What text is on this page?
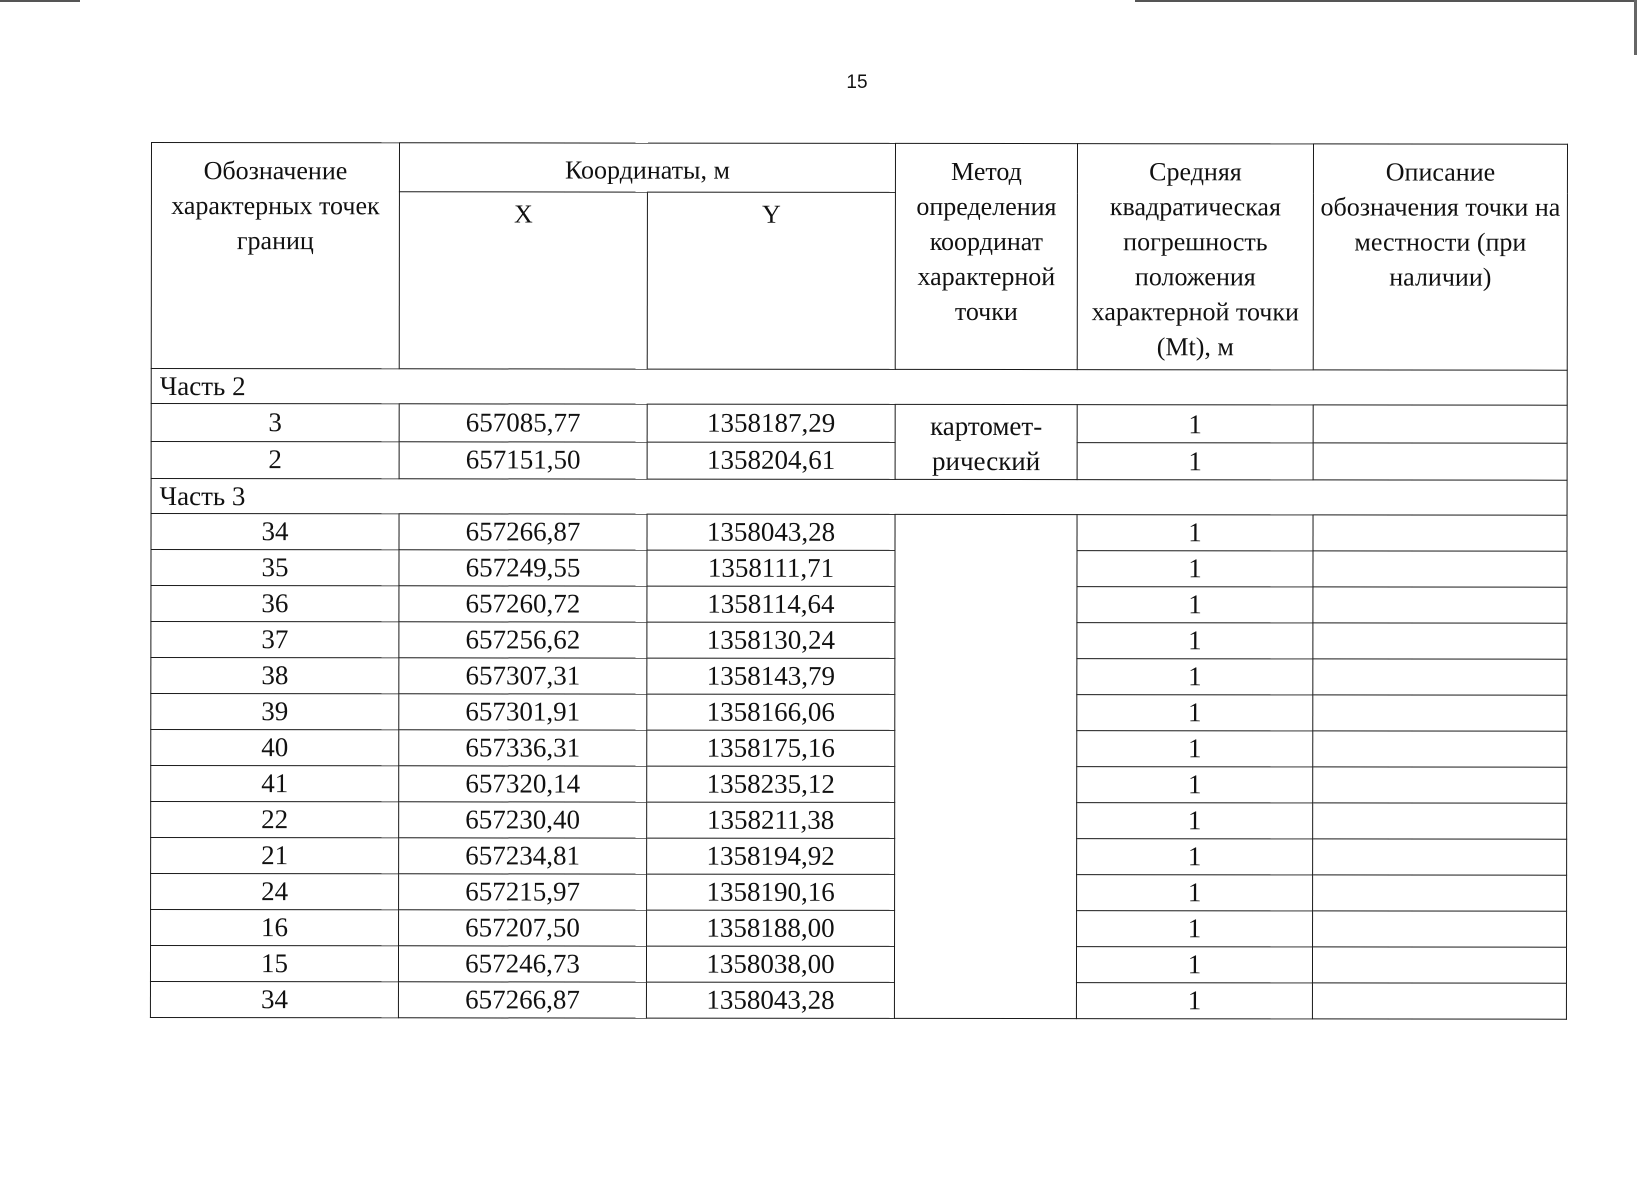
15
Обозначение характерных точек границ	Координаты, м		Метод определения координат характерной точки	Средняя квадратическая погрешность положения характерной точки (Mt), м	Описание обозначения точки на местности (при наличии)
	X	Y			
Часть 2					
3	657085,77	1358187,29	картомет-рический	1	
2	657151,50	1358204,61		1	
Часть 3					
34	657266,87	1358043,28		1	
35	657249,55	1358111,71		1	
36	657260,72	1358114,64		1	
37	657256,62	1358130,24		1	
38	657307,31	1358143,79		1	
39	657301,91	1358166,06		1	
40	657336,31	1358175,16		1	
41	657320,14	1358235,12		1	
22	657230,40	1358211,38		1	
21	657234,81	1358194,92		1	
24	657215,97	1358190,16		1	
16	657207,50	1358188,00		1	
15	657246,73	1358038,00		1	
34	657266,87	1358043,28		1	
